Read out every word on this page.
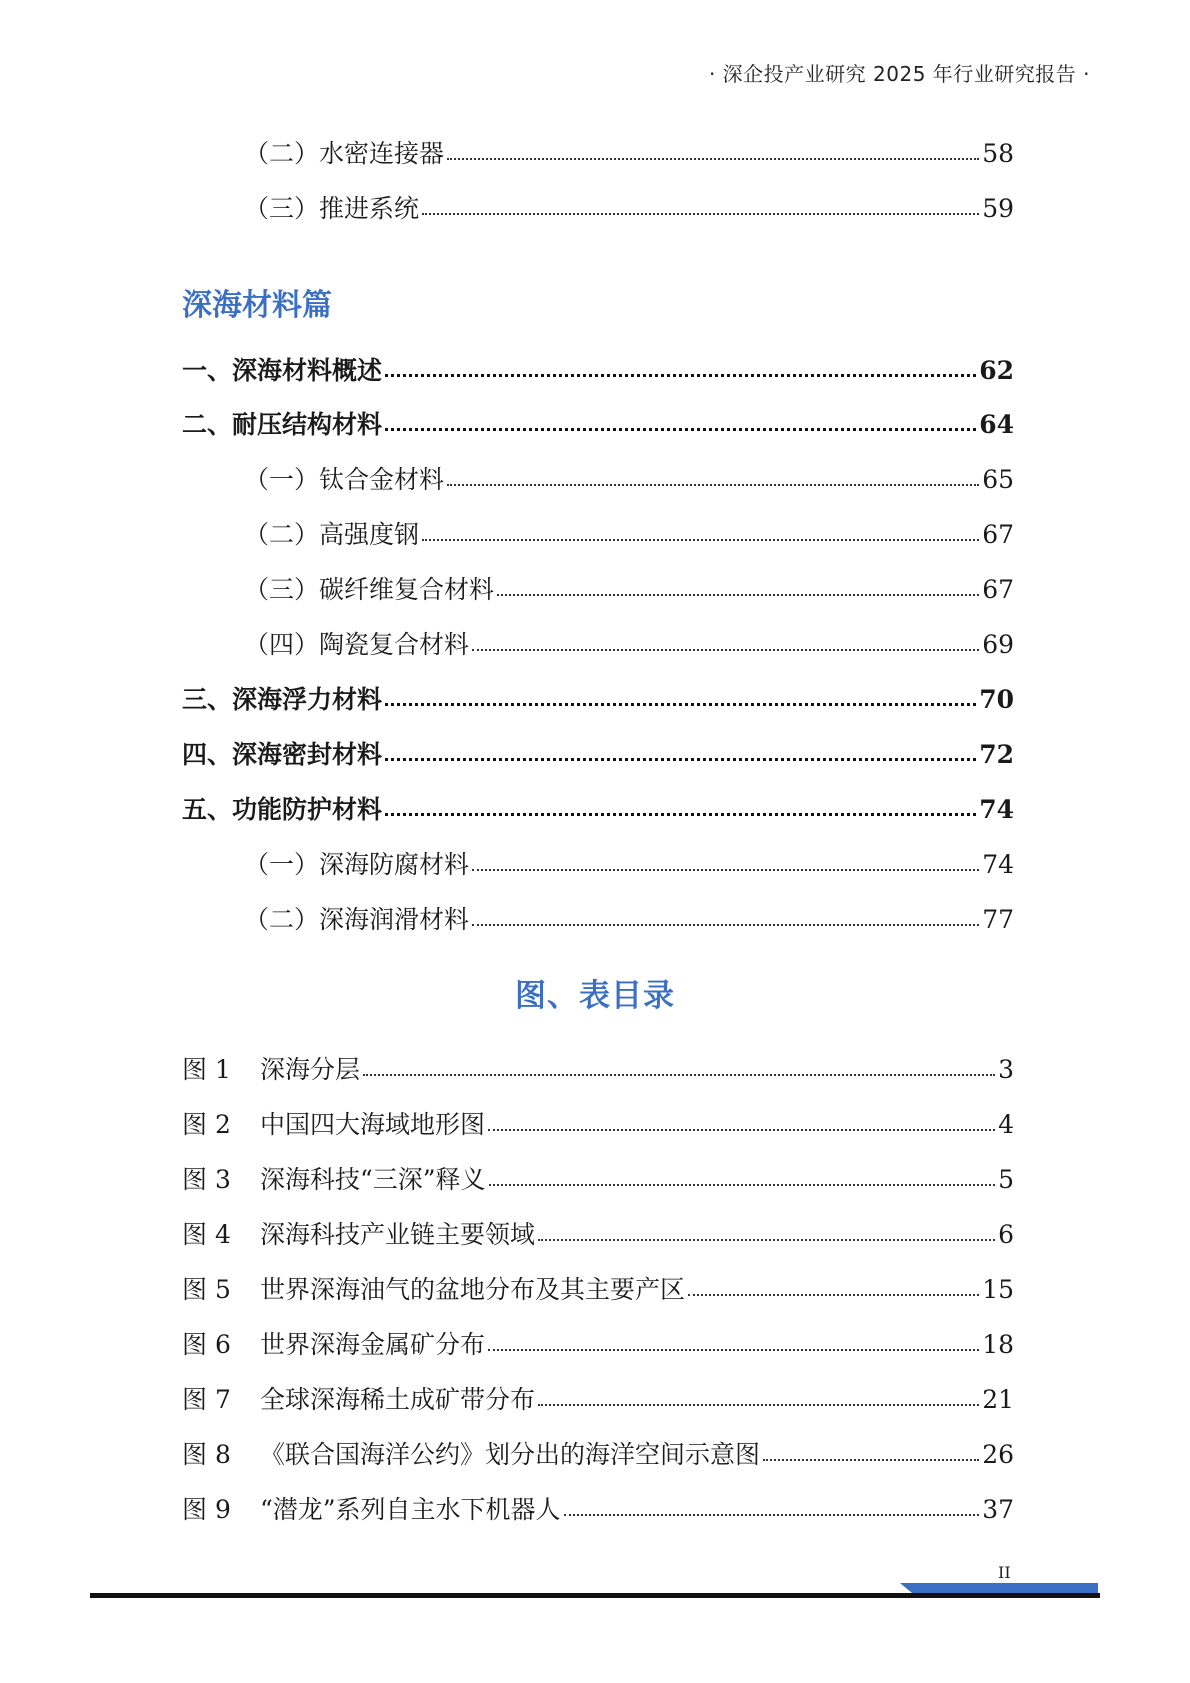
· 深企投产业研究 2025 年行业研究报告 ·
（二）水密连接器	58
（三）推进系统	59
深海材料篇
一、深海材料概述	62
二、耐压结构材料	64
（一）钛合金材料	65
（二）高强度钢	67
（三）碳纤维复合材料	67
（四）陶瓷复合材料	69
三、深海浮力材料	70
四、深海密封材料	72
五、功能防护材料	74
（一）深海防腐材料	74
（二）深海润滑材料	77
图、表目录
图 1	深海分层	3
图 2	中国四大海域地形图	4
图 3	深海科技“三深”释义	5
图 4	深海科技产业链主要领域	6
图 5	世界深海油气的盆地分布及其主要产区	15
图 6	世界深海金属矿分布	18
图 7	全球深海稀土成矿带分布	21
图 8	《联合国海洋公约》划分出的海洋空间示意图	26
图 9	“潜龙”系列自主水下机器人	37
II
